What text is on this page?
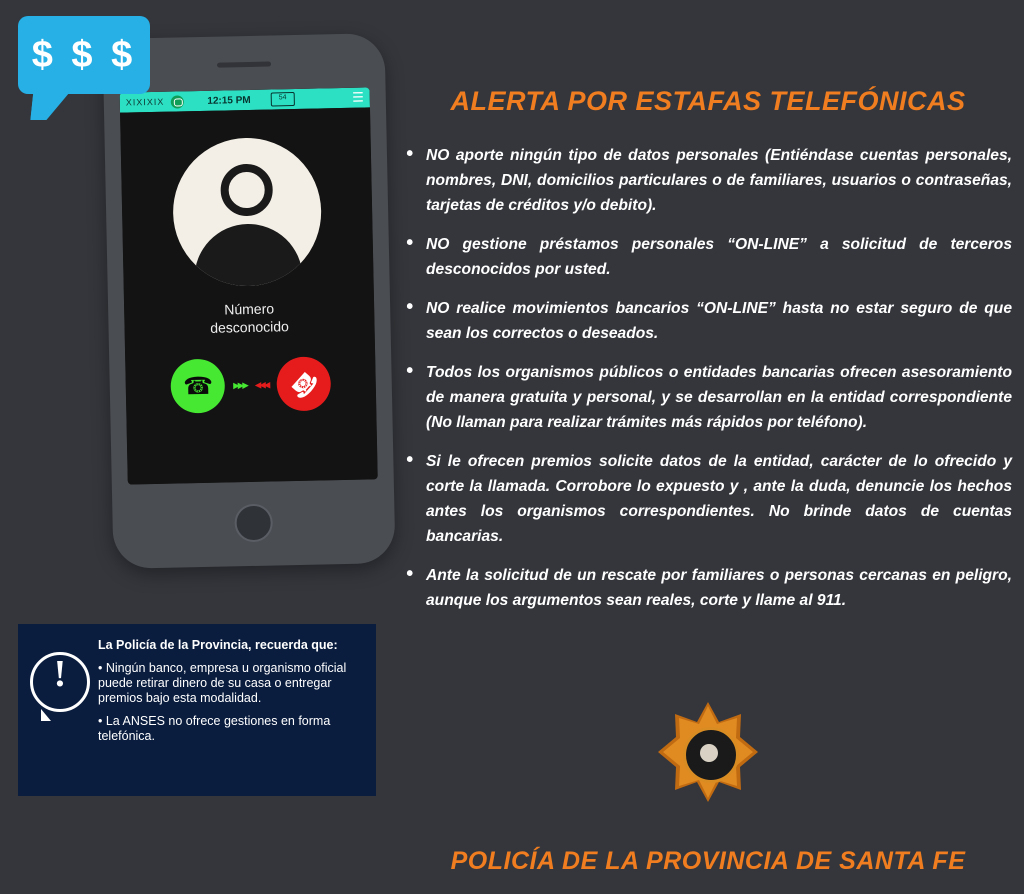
$ $ $
XIXIXIX	12:15 PM	54	☰
Número
desconocido
☎	▸▸▸ ◂◂◂ ☎
!
La Policía de la Provincia, recuerda que:

• Ningún banco, empresa u organismo oficial puede retirar dinero de su casa o entregar premios bajo esta modalidad.

• La ANSES no ofrece gestiones en forma telefónica.

ALERTA POR ESTAFAS TELEFÓNICAS
• NO aporte ningún tipo de datos personales (Entiéndase cuentas personales, nombres, DNI, domicilios particulares o de familiares, usuarios o contraseñas, tarjetas de créditos y/o debito).
• NO gestione préstamos personales “ON-LINE” a solicitud de terceros desconocidos por usted.
• NO realice movimientos bancarios “ON-LINE” hasta no estar seguro de que sean los correctos o deseados.
• Todos los organismos públicos o entidades bancarias ofrecen asesoramiento de manera gratuita y personal, y se desarrollan en la entidad correspondiente (No llaman para realizar trámites más rápidos por teléfono).
• Si le ofrecen premios solicite datos de la entidad, carácter de lo ofrecido y corte la llamada. Corrobore lo expuesto y , ante la duda, denuncie los hechos antes los organismos correspondientes. No brinde datos de cuentas bancarias.
• Ante la solicitud de un rescate por familiares o personas cercanas en peligro, aunque los argumentos sean reales, corte y llame al 911.
POLICÍA DE LA PROVINCIA DE SANTA FE
